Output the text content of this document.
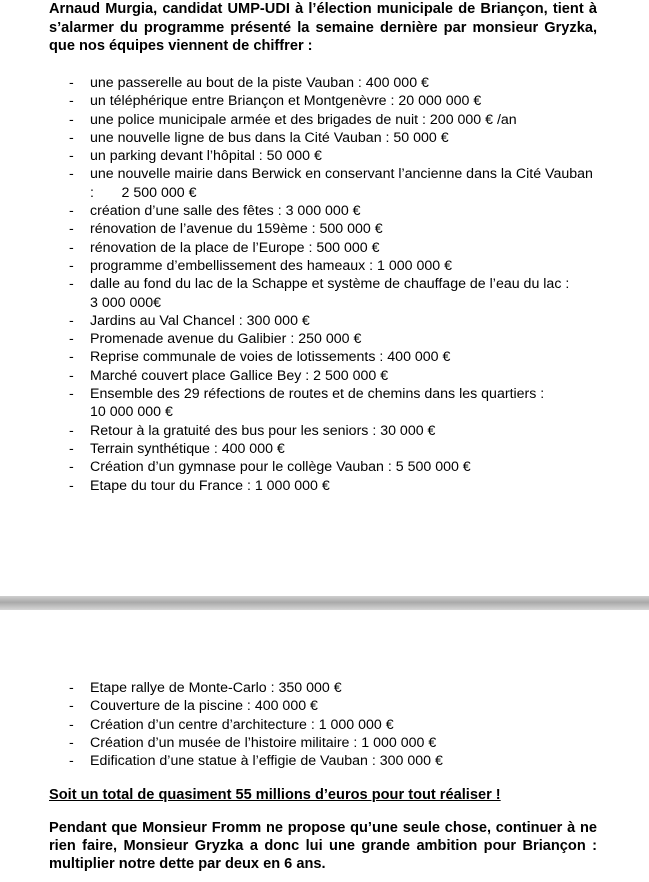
Arnaud Murgia, candidat UMP-UDI à l’élection municipale de Briançon, tient à s’alarmer du programme présenté la semaine dernière par monsieur Gryzka, que nos équipes viennent de chiffrer :

- une passerelle au bout de la piste Vauban : 400 000 €
- un téléphérique entre Briançon et Montgenèvre : 20 000 000 €
- une police municipale armée et des brigades de nuit : 200 000 € /an
- une nouvelle ligne de bus dans la Cité Vauban : 50 000 €
- un parking devant l’hôpital : 50 000 €
- une nouvelle mairie dans Berwick en conservant l’ancienne dans la Cité Vauban :       2 500 000 €
- création d’une salle des fêtes : 3 000 000 €
- rénovation de l’avenue du 159ème : 500 000 €
- rénovation de la place de l’Europe : 500 000 €
- programme d’embellissement des hameaux : 1 000 000 €
- dalle au fond du lac de la Schappe et système de chauffage de l’eau du lac :
3 000 000€
- Jardins au Val Chancel : 300 000 €
- Promenade avenue du Galibier : 250 000 €
- Reprise communale de voies de lotissements : 400 000 €
- Marché couvert place Gallice Bey : 2 500 000 €
- Ensemble des 29 réfections de routes et de chemins dans les quartiers :
10 000 000 €
- Retour à la gratuité des bus pour les seniors : 30 000 €
- Terrain synthétique : 400 000 €
- Création d’un gymnase pour le collège Vauban : 5 500 000 €
- Etape du tour du France : 1 000 000 €
- Etape rallye de Monte-Carlo : 350 000 €
- Couverture de la piscine : 400 000 €
- Création d’un centre d’architecture : 1 000 000 €
- Création d’un musée de l’histoire militaire : 1 000 000 €
- Edification d’une statue à l’effigie de Vauban : 300 000 €

Soit un total de quasiment 55 millions d’euros pour tout réaliser !

Pendant que Monsieur Fromm ne propose qu’une seule chose, continuer à ne rien faire, Monsieur Gryzka a donc lui une grande ambition pour Briançon : multiplier notre dette par deux en 6 ans.
